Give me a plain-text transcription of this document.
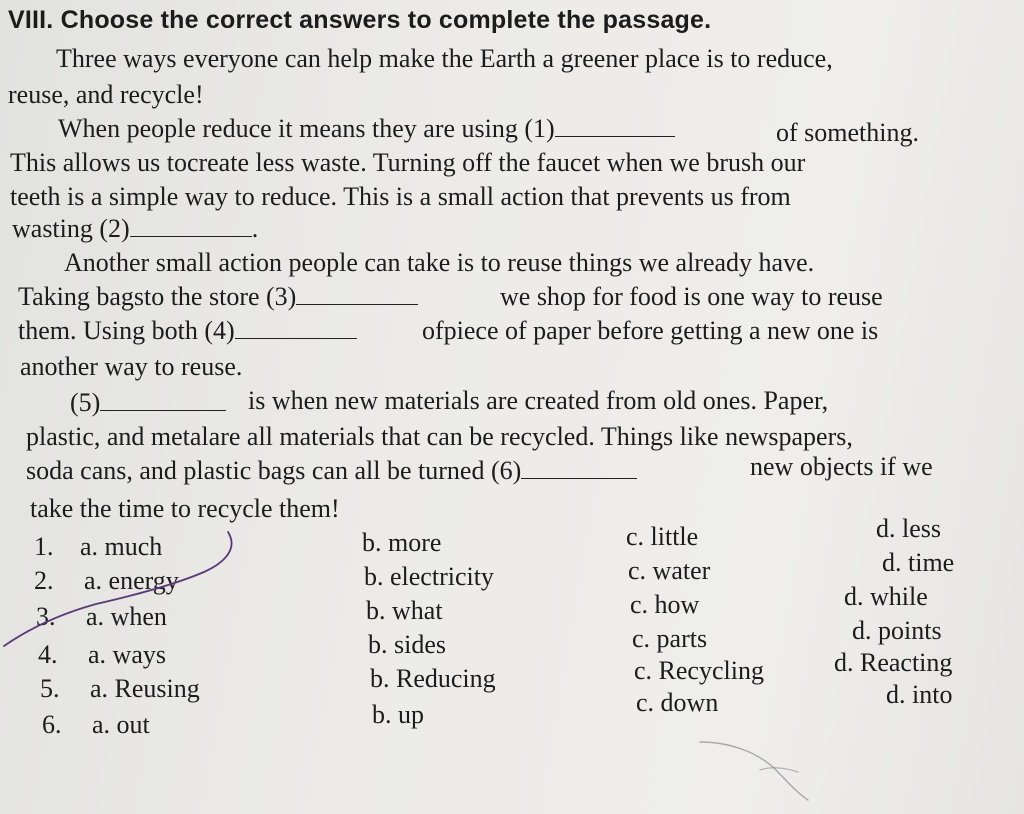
VIII. Choose the correct answers to complete the passage.
Three ways everyone can help make the Earth a greener place is to reduce,
reuse, and recycle!
When people reduce it means they are using (1)	of something.
This allows us tocreate less waste. Turning off the faucet when we brush our
teeth is a simple way to reduce. This is a small action that prevents us from
wasting (2)	.
Another small action people can take is to reuse things we already have.
Taking bagsto the store (3)	we shop for food is one way to reuse
them. Using both (4)	ofpiece of paper before getting a new one is
another way to reuse.
(5)	is when new materials are created from old ones. Paper,
plastic, and metalare all materials that can be recycled. Things like newspapers,
soda cans, and plastic bags can all be turned (6)	new objects if we
take the time to recycle them!
1. a. much	b. more	c. little	d. less
2. a. energy	b. electricity	c. water	d. time
3. a. when	b. what	c. how	d. while
4. a. ways	b. sides	c. parts	d. points
5. a. Reusing	b. Reducing	c. Recycling	d. Reacting
6. a. out	b. up	c. down	d. into
